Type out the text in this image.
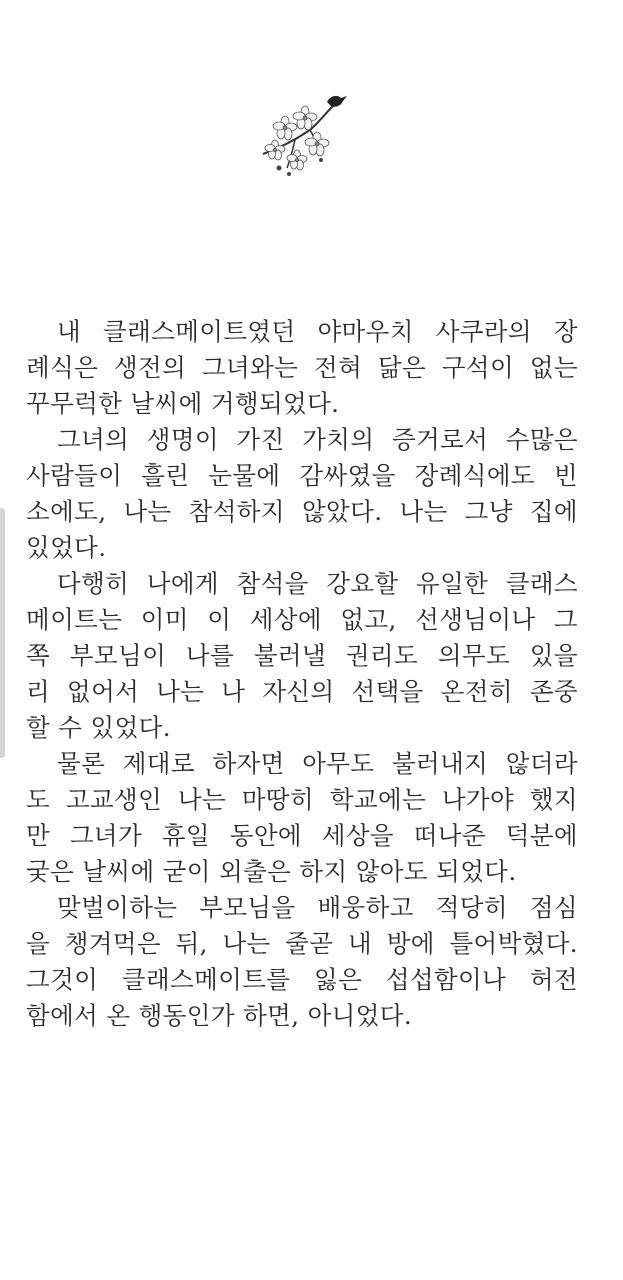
내 클래스메이트였던 야마우치 사쿠라의 장
례식은 생전의 그녀와는 전혀 닮은 구석이 없는
꾸무럭한 날씨에 거행되었다.
그녀의 생명이 가진 가치의 증거로서 수많은
사람들이 흘린 눈물에 감싸였을 장례식에도 빈
소에도, 나는 참석하지 않았다. 나는 그냥 집에
있었다.
다행히 나에게 참석을 강요할 유일한 클래스
메이트는 이미 이 세상에 없고, 선생님이나 그
쪽 부모님이 나를 불러낼 권리도 의무도 있을
리 없어서 나는 나 자신의 선택을 온전히 존중
할 수 있었다.
물론 제대로 하자면 아무도 불러내지 않더라
도 고교생인 나는 마땅히 학교에는 나가야 했지
만 그녀가 휴일 동안에 세상을 떠나준 덕분에
궂은 날씨에 굳이 외출은 하지 않아도 되었다.
맞벌이하는 부모님을 배웅하고 적당히 점심
을 챙겨먹은 뒤, 나는 줄곧 내 방에 틀어박혔다.
그것이 클래스메이트를 잃은 섭섭함이나 허전
함에서 온 행동인가 하면, 아니었다.
